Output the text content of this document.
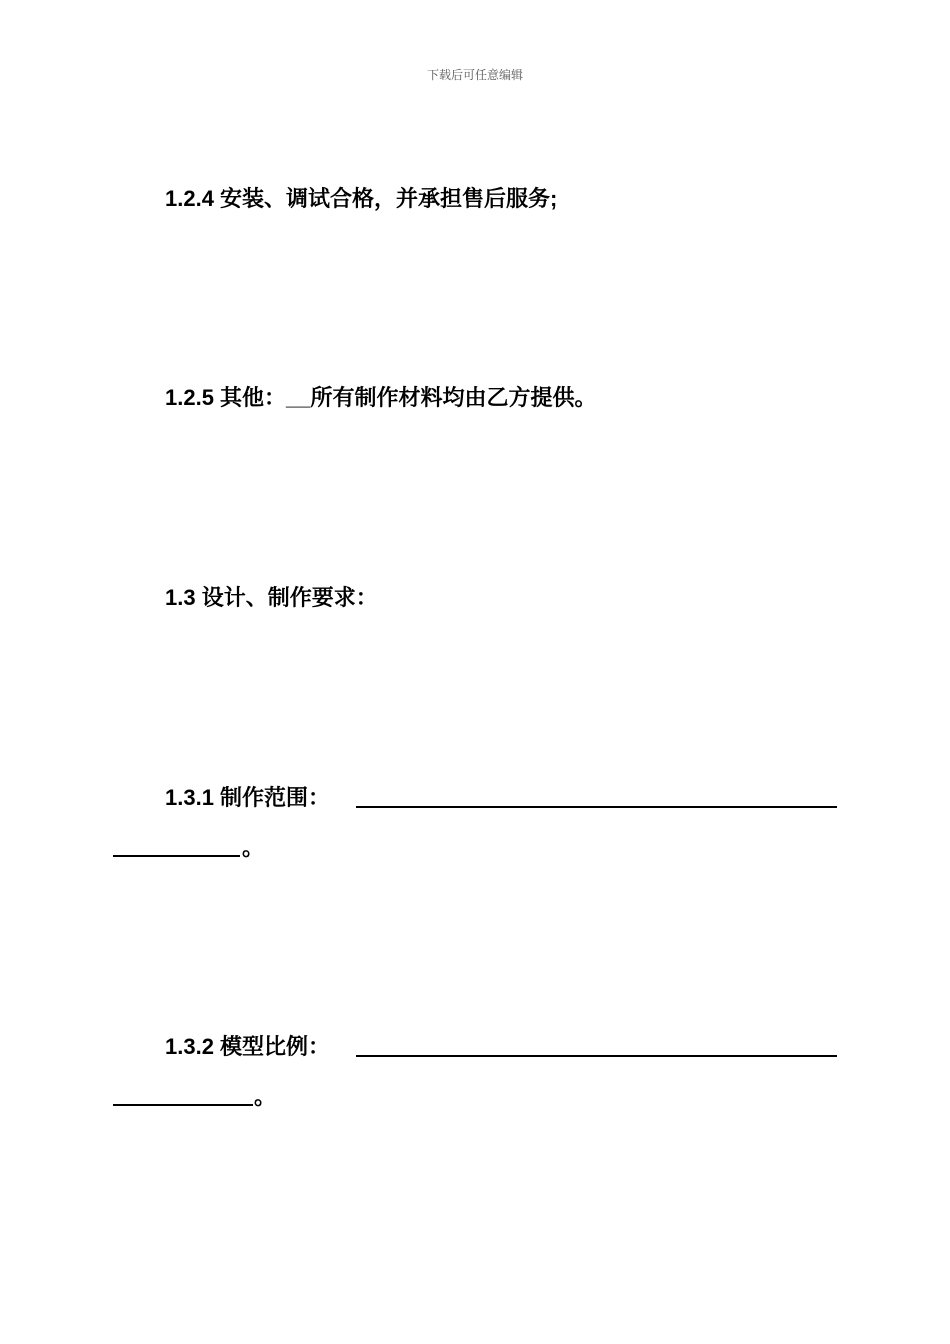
下载后可任意编辑
1.2.4 安装、调试合格，并承担售后服务;
1.2.5 其他：__所有制作材料均由乙方提供。
1.3 设计、制作要求：
1.3.1 制作范围：
。
1.3.2 模型比例：
。
